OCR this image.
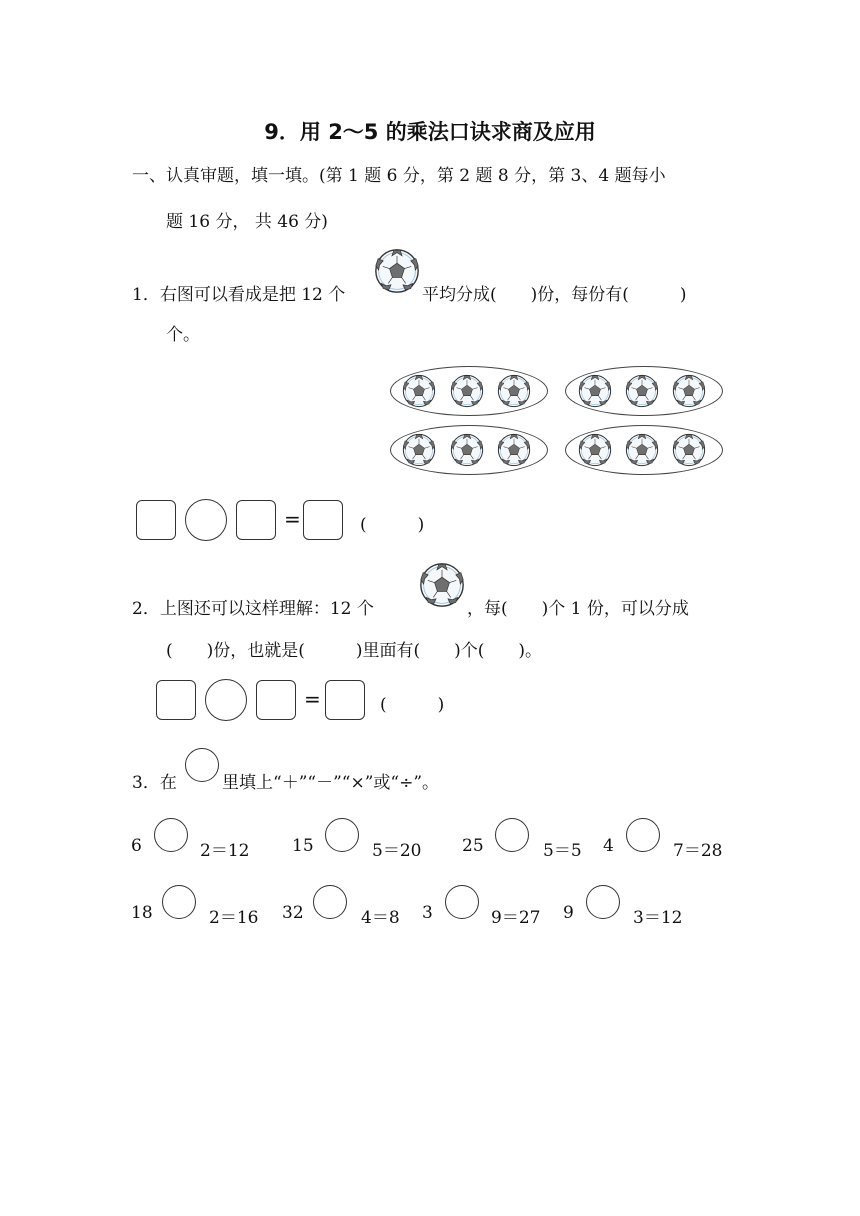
9．用 2～5 的乘法口诀求商及应用
一、认真审题，填一填。(第 1 题 6 分，第 2 题 8 分，第 3、4 题每小
题 16 分， 共 46 分)
1．右图可以看成是把 12 个	平均分成(　　)份，每份有(　　　)
个。
=	(　　　)
2．上图还可以这样理解：12 个	，每(　　)个 1 份，可以分成
(　　)份，也就是(　　　)里面有(　　)个(　　)。
=	(　　　)
3．在	里填上“＋”“－”“×”或“÷”。
6	2＝12	15	5＝20 25	5＝5 4	7＝28
18	2＝16 32	4＝8 3	9＝27 9	3＝12
